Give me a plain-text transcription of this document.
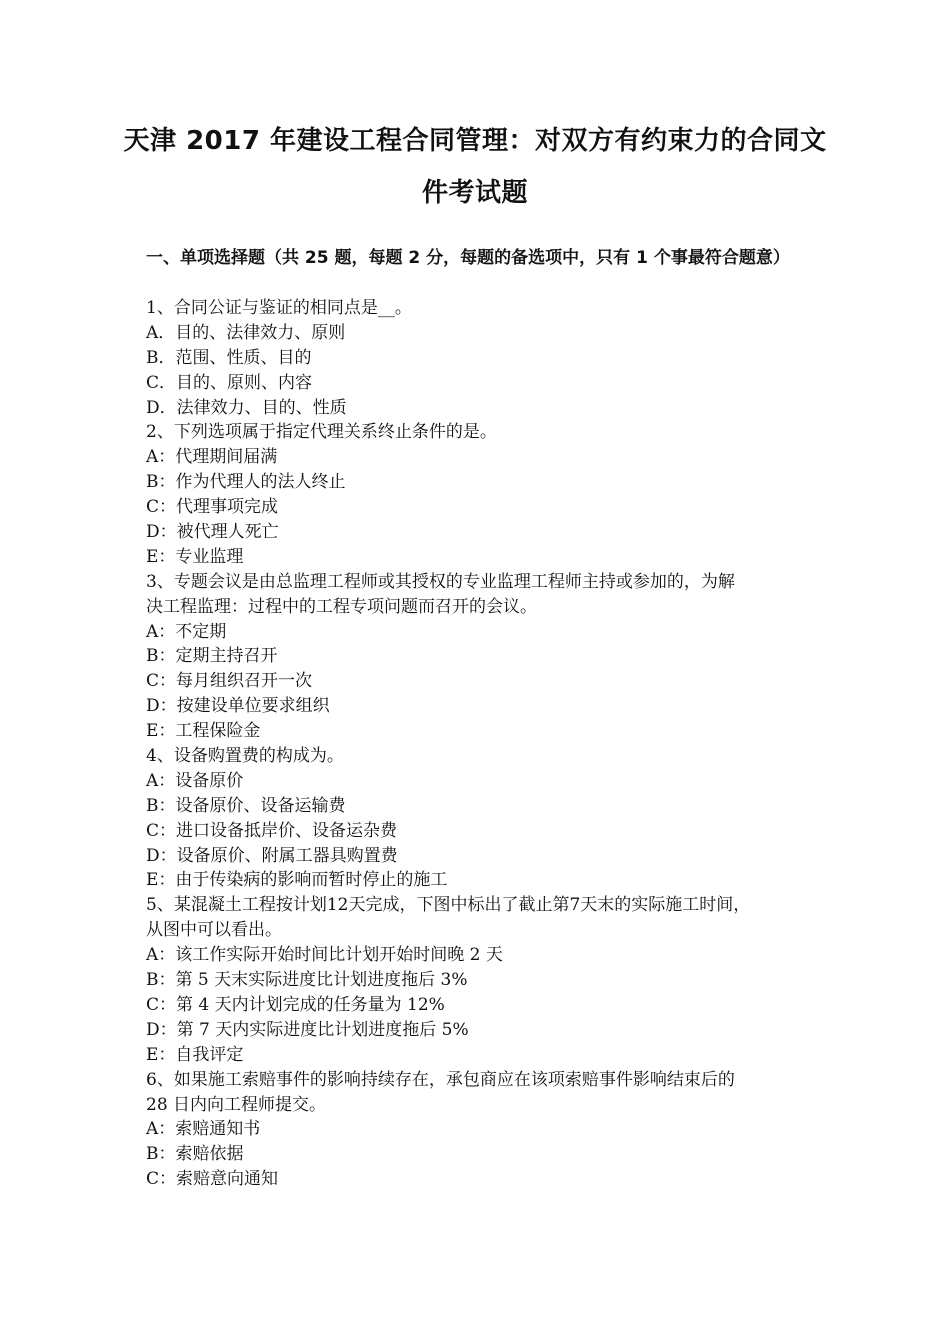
天津 2017 年建设工程合同管理：对双方有约束力的合同文
件考试题
一、单项选择题（共 25 题，每题 2 分，每题的备选项中，只有 1 个事最符合题意）
1、合同公证与鉴证的相同点是__。
A．目的、法律效力、原则
B．范围、性质、目的
C．目的、原则、内容
D．法律效力、目的、性质
2、下列选项属于指定代理关系终止条件的是。
A：代理期间届满
B：作为代理人的法人终止
C：代理事项完成
D：被代理人死亡
E：专业监理
3、专题会议是由总监理工程师或其授权的专业监理工程师主持或参加的，为解
决工程监理：过程中的工程专项问题而召开的会议。
A：不定期
B：定期主持召开
C：每月组织召开一次
D：按建设单位要求组织
E：工程保险金
4、设备购置费的构成为。
A：设备原价
B：设备原价、设备运输费
C：进口设备抵岸价、设备运杂费
D：设备原价、附属工器具购置费
E：由于传染病的影响而暂时停止的施工
5、某混凝土工程按计划12天完成，下图中标出了截止第7天末的实际施工时间，
从图中可以看出。
A：该工作实际开始时间比计划开始时间晚 2 天
B：第 5 天末实际进度比计划进度拖后 3%
C：第 4 天内计划完成的任务量为 12%
D：第 7 天内实际进度比计划进度拖后 5%
E：自我评定
6、如果施工索赔事件的影响持续存在，承包商应在该项索赔事件影响结束后的
28 日内向工程师提交。
A：索赔通知书
B：索赔依据
C：索赔意向通知
